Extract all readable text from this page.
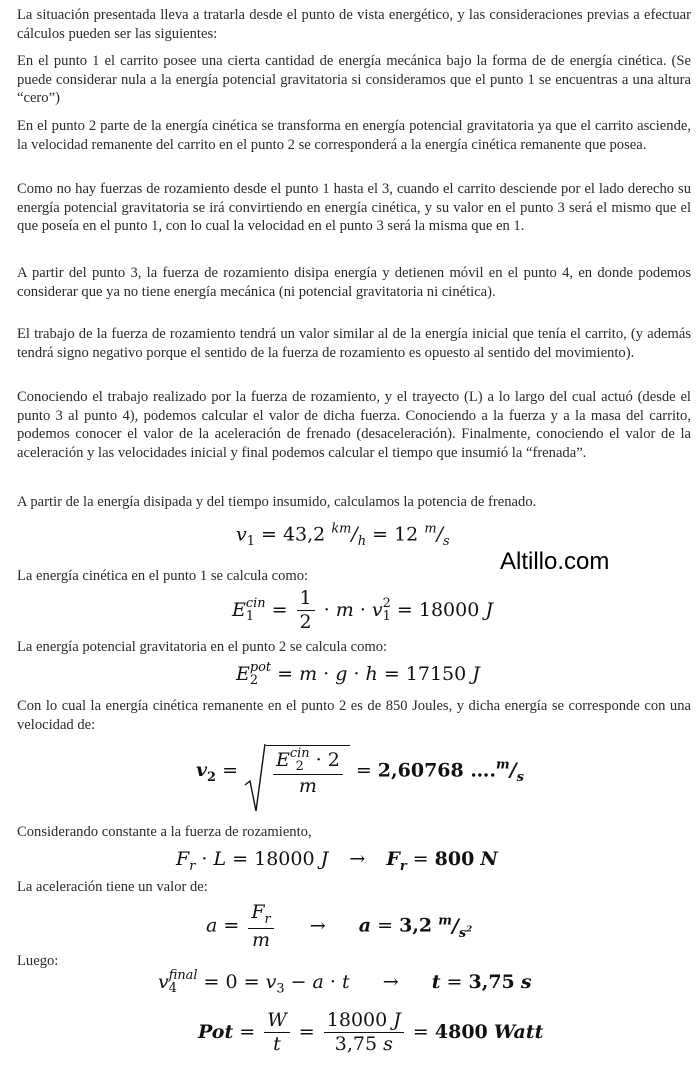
La situación presentada lleva a tratarla desde el punto de vista energético, y las consideraciones previas a efectuar cálculos pueden ser las siguientes:

En el punto 1 el carrito posee una cierta cantidad de energía mecánica bajo la forma de de energía cinética. (Se puede considerar nula a la energía potencial gravitatoria si consideramos que el punto 1 se encuentras a una altura “cero”)

En el punto 2 parte de la energía cinética se transforma en energía potencial gravitatoria ya que el carrito asciende, la velocidad remanente del carrito en el punto 2 se corresponderá a la energía cinética remanente que posea.

Como no hay fuerzas de rozamiento desde el punto 1 hasta el 3, cuando el carrito desciende por el lado derecho su energía potencial gravitatoria se irá convirtiendo en energía cinética, y su valor en el punto 3 será el mismo que el que poseía en el punto 1, con lo cual la velocidad en el punto 3 será la misma que en 1.

A partir del punto 3, la fuerza de rozamiento disipa energía y detienen móvil en el punto 4, en donde podemos considerar que ya no tiene energía mecánica (ni potencial gravitatoria ni cinética).

El trabajo de la fuerza de rozamiento tendrá un valor similar al de la energía inicial que tenía el carrito, (y además tendrá signo negativo porque el sentido de la fuerza de rozamiento es opuesto al sentido del movimiento).

Conociendo el trabajo realizado por la fuerza de rozamiento, y el trayecto (L) a lo largo del cual actuó (desde el punto 3 al punto 4), podemos calcular el valor de dicha fuerza. Conociendo a la fuerza y a la masa del carrito, podemos conocer el valor de la aceleración de frenado (desaceleración). Finalmente, conociendo el valor de la aceleración y las velocidades inicial y final podemos calcular el tiempo que insumió la “frenada”.

A partir de la energía disipada y del tiempo insumido, calculamos la potencia de frenado.

$v_1 = 43,2$ $^{km}/_h = 12$ $^m/_s$
Altillo.com

La energía cinética en el punto 1 se calcula como:

Ecin
$1 = \frac{1}{2} \cdot m \cdot v2$
1 = 18000 J

La energía potencial gravitatoria en el punto 2 se calcula como:

Epot
2 = m · g · h = 17150 J

Con lo cual la energía cinética remanente en el punto 2 es de 850 Joules, y dicha energía se corresponde con una velocidad de:

$v_2$ = Ecin
2 · 2
m
= 2,60768 $\dots.^m/_s$

Considerando constante a la fuerza de rozamiento,

$F_r \cdot L = 18000$ $J \to F_r = 800$ N

La aceleración tiene un valor de:

$a = \frac{F_r}{m} \to a = 3,2$ $^m/_{s^2}$

Luego:

vfinal
$4 = 0 = v_3 - a \cdot t \to t = 3,75$ s
Pot = $\frac{W}{t} = \frac{18000 J}{3,75 s} = 4800$ Watt
